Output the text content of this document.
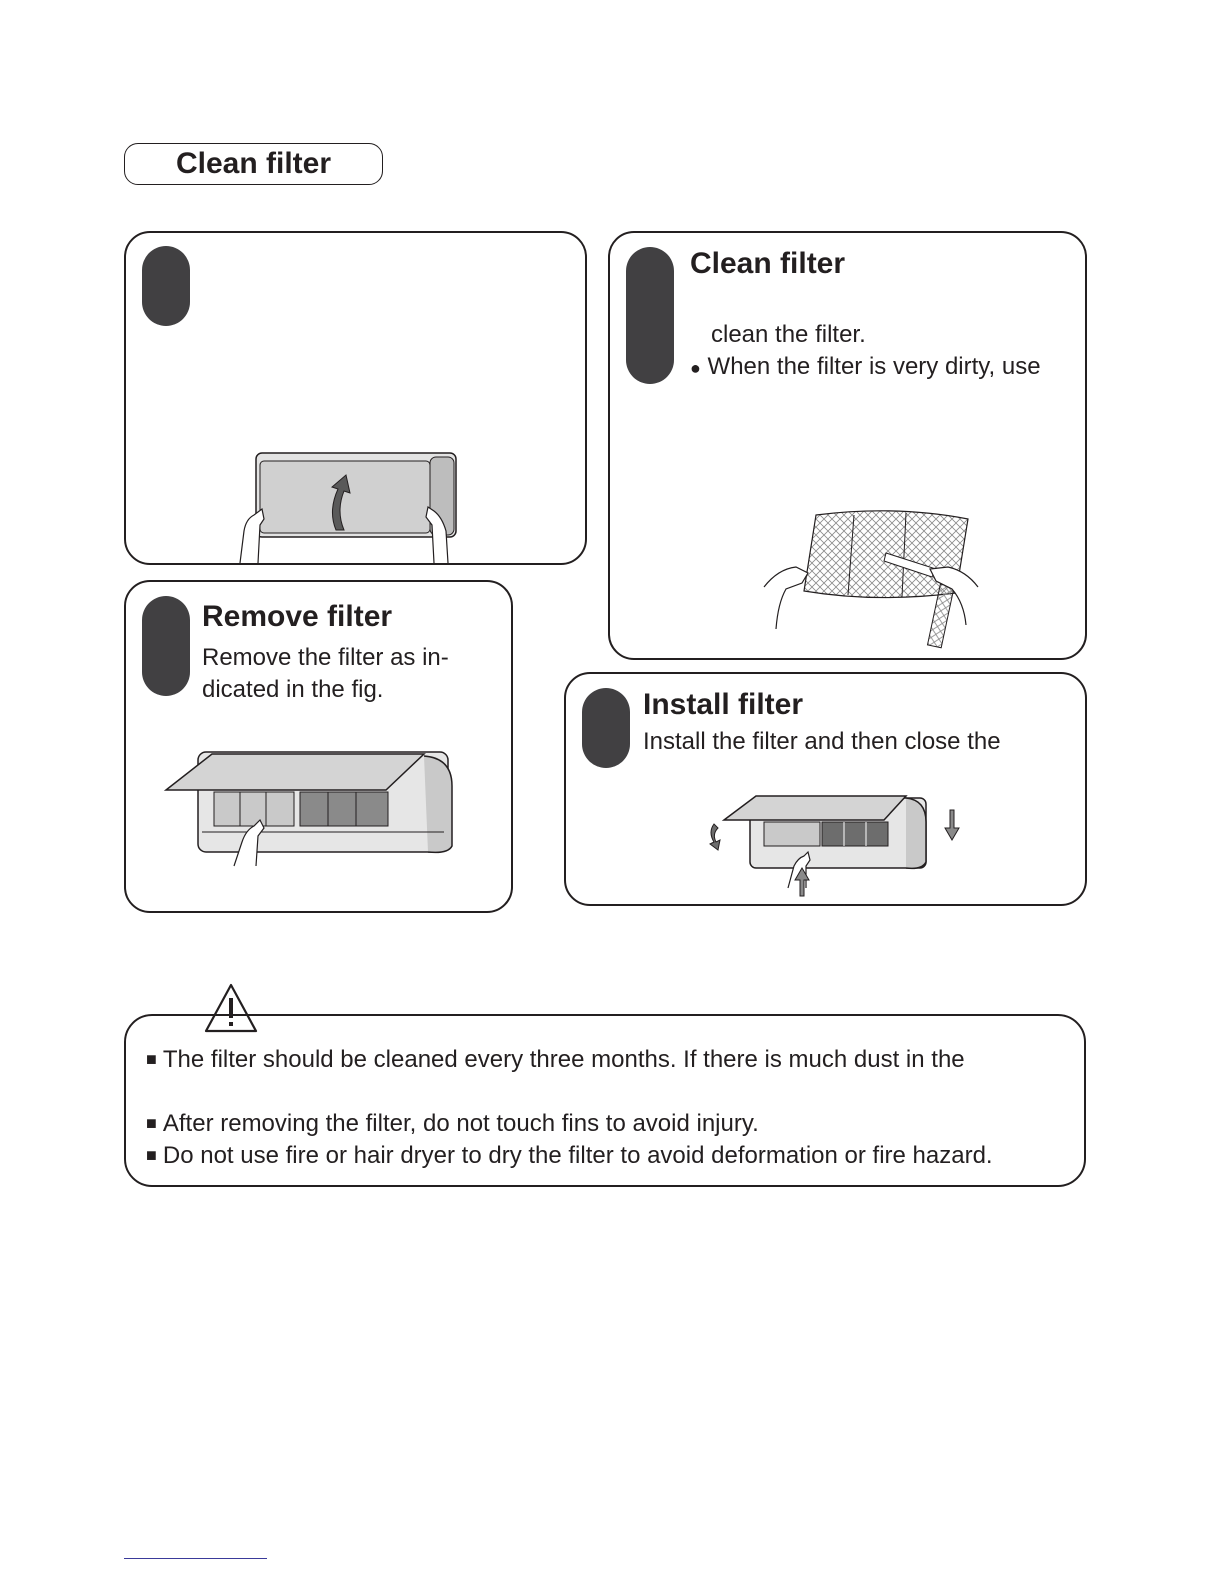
Clean filter
Clean filter
clean the filter.
● When the filter is very dirty, use
Remove filter
Remove the filter as in-
dicated in the fig.	Install filter
Install the filter and then close the
■ The filter should be cleaned every three months. If there is much dust in the
■ After removing the filter, do not touch fins to avoid injury.
■ Do not use fire or hair dryer to dry the filter to avoid deformation or fire hazard.
